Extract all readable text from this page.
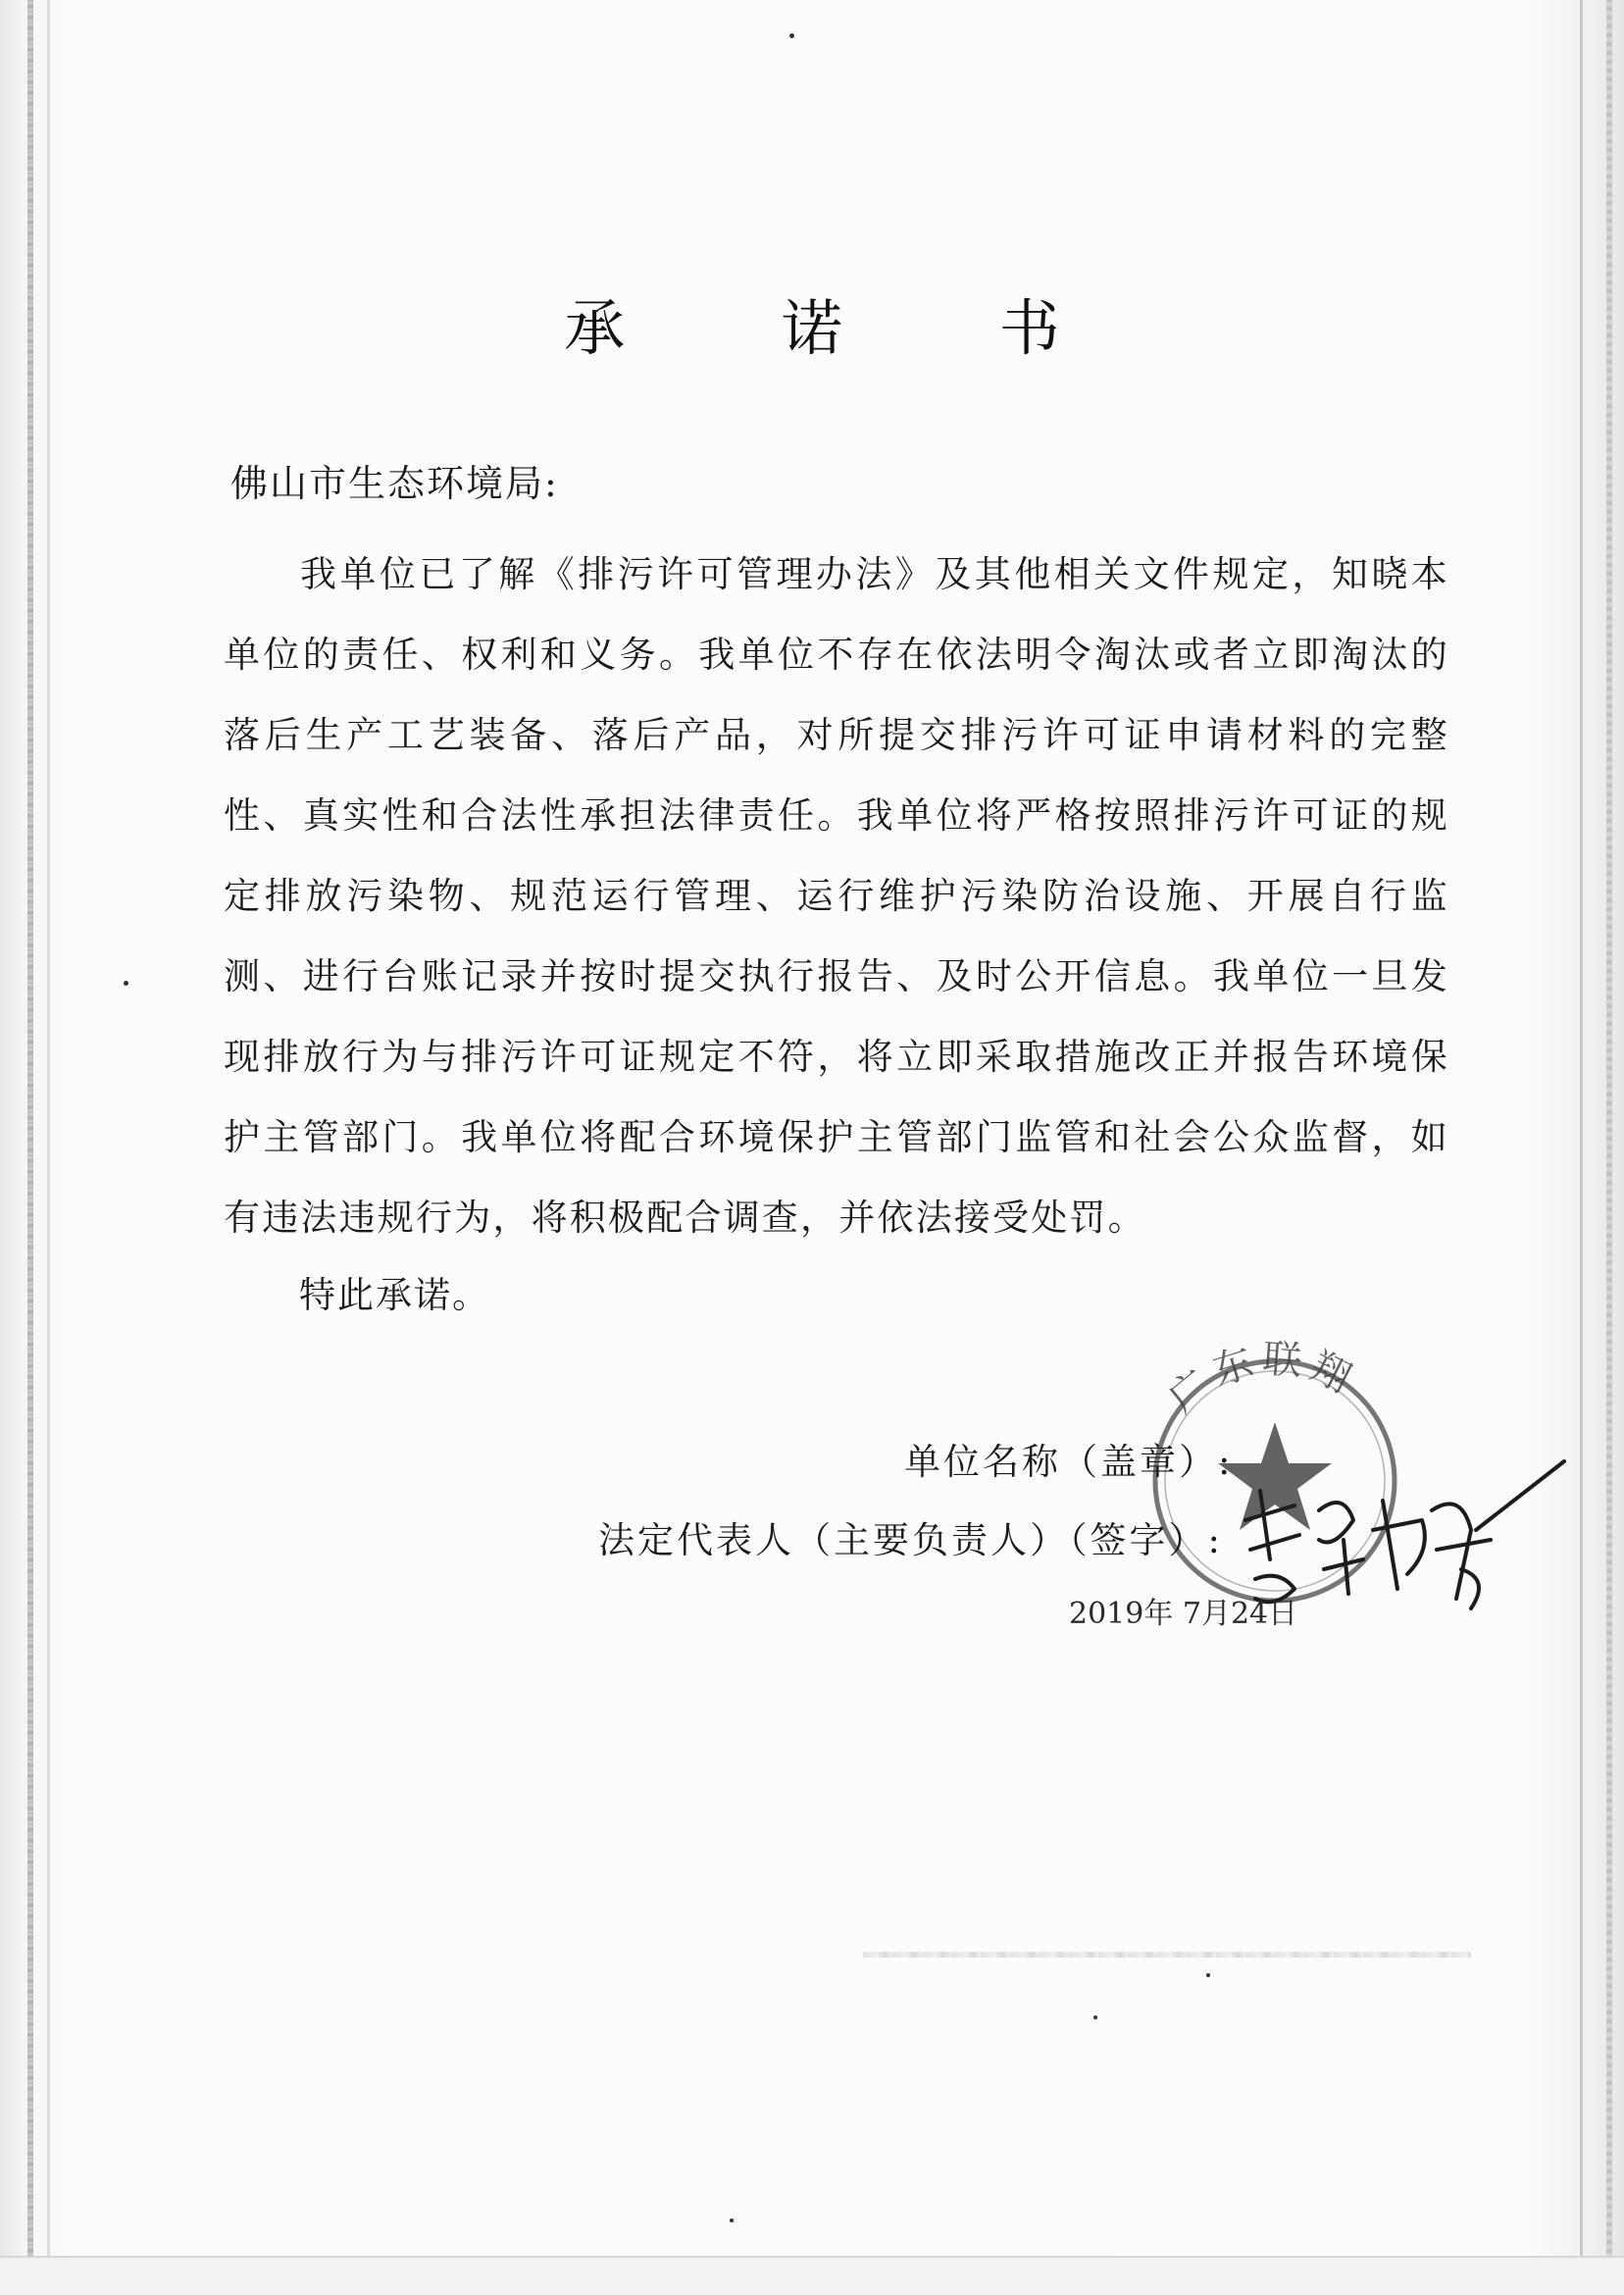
承 诺 书
佛山市生态环境局:
我单位已了解《排污许可管理办法》及其他相关文件规定，知晓本单位的责任、权利和义务。我单位不存在依法明令淘汰或者立即淘汰的落后生产工艺装备、落后产品，对所提交排污许可证申请材料的完整性、真实性和合法性承担法律责任。我单位将严格按照排污许可证的规定排放污染物、规范运行管理、运行维护污染防治设施、开展自行监测、进行台账记录并按时提交执行报告、及时公开信息。我单位一旦发现排放行为与排污许可证规定不符，将立即采取措施改正并报告环境保护主管部门。我单位将配合环境保护主管部门监管和社会公众监督，如有违法违规行为，将积极配合调查，并依法接受处罚。
特此承诺。
广东联翔
单位名称（盖章）:
法定代表人（主要负责人）（签字）:
2019年 7月24日
